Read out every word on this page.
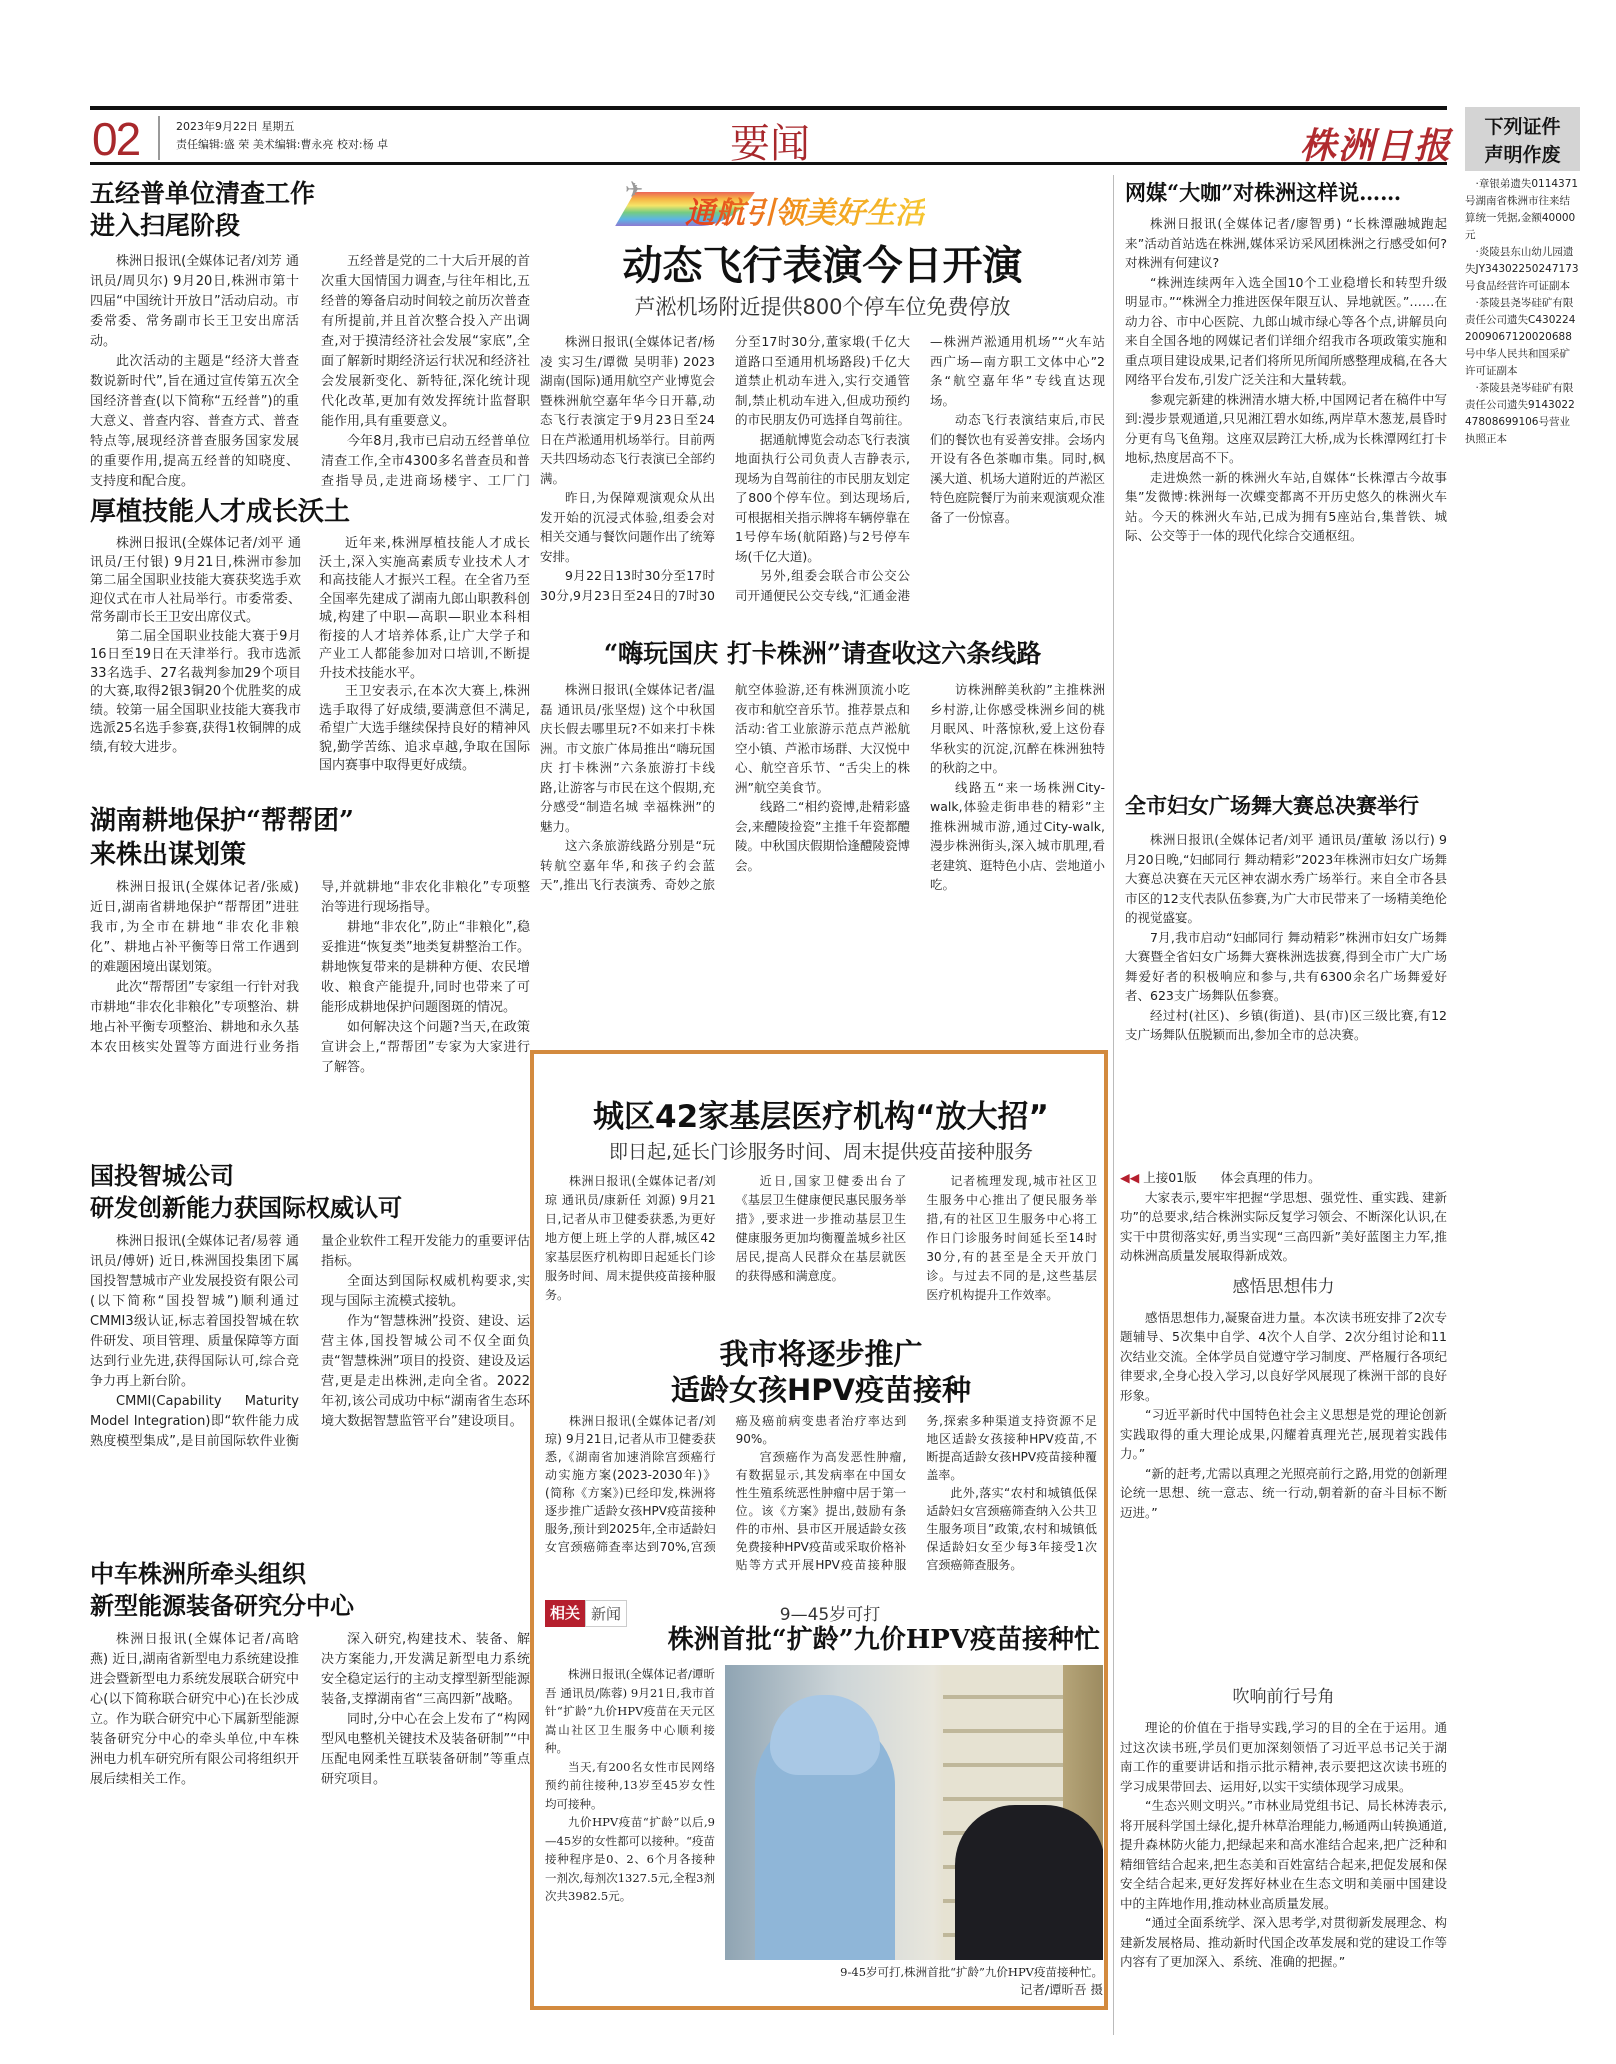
02	2023年9月22日 星期五
责任编辑:盛 荣 美术编辑:曹永亮 校对:杨 卓	要闻	株洲日报	下列证件
声明作废

·章银弟遗失0114371号湖南省株洲市往来结算统一凭据,金额40000元

·炎陵县东山幼儿园遗失JY34302250247173号食品经营许可证副本

·茶陵县尧岑硅矿有限责任公司遗失C4302242009067120020688号中华人民共和国采矿许可证副本

·茶陵县尧岑硅矿有限责任公司遗失91430224780869910​6号营业执照正本

五经普单位清查工作
进入扫尾阶段

株洲日报讯(全媒体记者/刘芳 通讯员/周贝尔) 9月20日,株洲市第十四届“中国统计开放日”活动启动。市委常委、常务副市长王卫安出席活动。

此次活动的主题是“经济大普查 数说新时代”,旨在通过宣传第五次全国经济普查(以下简称“五经普”)的重大意义、普查内容、普查方式、普查特点等,展现经济普查服务国家发展的重要作用,提高五经普的知晓度、支持度和配合度。

五经普是党的二十大后开展的首次重大国情国力调查,与往年相比,五经普的筹备启动时间较之前历次普查有所提前,并且首次整合投入产出调查,对于摸清经济社会发展“家底”,全面了解新时期经济运行状况和经济社会发展新变化、新特征,深化统计现代化改革,更加有效发挥统计监督职能作用,具有重要意义。

今年8月,我市已启动五经普单位清查工作,全市4300多名普查员和普查指导员,走进商场楼宇、工厂门

厚植技能人才成长沃土

株洲日报讯(全媒体记者/刘平 通讯员/王付银) 9月21日,株洲市参加第二届全国职业技能大赛获奖选手欢迎仪式在市人社局举行。市委常委、常务副市长王卫安出席仪式。

第二届全国职业技能大赛于9月16日至19日在天津举行。我市选派33名选手、27名裁判参加29个项目的大赛,取得2银3铜20个优胜奖的成绩。较第一届全国职业技能大赛我市选派25名选手参赛,获得1枚铜牌的成绩,有较大进步。

近年来,株洲厚植技能人才成长沃土,深入实施高素质专业技术人才和高技能人才振兴工程。在全省乃至全国率先建成了湖南九郎山职教科创城,构建了中职—高职—职业本科相衔接的人才培养体系,让广大学子和产业工人都能参加对口培训,不断提升技术技能水平。

王卫安表示,在本次大赛上,株洲选手取得了好成绩,要满意但不满足,希望广大选手继续保持良好的精神风貌,勤学苦练、追求卓越,争取在国际国内赛事中取得更好成绩。

湖南耕地保护“帮帮团”
来株出谋划策

株洲日报讯(全媒体记者/张威) 近日,湖南省耕地保护“帮帮团”进驻我市,为全市在耕地“非农化非粮化”、耕地占补平衡等日常工作遇到的难题困境出谋划策。

此次“帮帮团”专家组一行针对我市耕地“非农化非粮化”专项整治、耕地占补平衡专项整治、耕地和永久基本农田核实处置等方面进行业务指导,并就耕地“非农化非粮化”专项整治等进行现场指导。

耕地“非农化”,防止“非粮化”,稳妥推进“恢复类”地类复耕整治工作。耕地恢复带来的是耕种方便、农民增收、粮食产能提升,同时也带来了可能形成耕地保护问题图斑的情况。

如何解决这个问题?当天,在政策宣讲会上,“帮帮团”专家为大家进行了解答。

国投智城公司
研发创新能力获国际权威认可

株洲日报讯(全媒体记者/易蓉 通讯员/傅妍) 近日,株洲国投集团下属国投智慧城市产业发展投资有限公司(以下简称“国投智城”)顺利通过CMMI3级认证,标志着国投智城在软件研发、项目管理、质量保障等方面达到行业先进,获得国际认可,综合竞争力再上新台阶。

CMMI(Capability Maturity Model Integration)即“软件能力成熟度模型集成”,是目前国际软件业衡量企业软件工程开发能力的重要评估指标。

全面达到国际权威机构要求,实现与国际主流模式接轨。

作为“智慧株洲”投资、建设、运营主体,国投智城公司不仅全面负责“智慧株洲”项目的投资、建设及运营,更是走出株洲,走向全省。2022年初,该公司成功中标“湖南省生态环境大数据智慧监管平台”建设项目。

中车株洲所牵头组织
新型能源装备研究分中心

株洲日报讯(全媒体记者/高晗燕) 近日,湖南省新型电力系统建设推进会暨新型电力系统发展联合研究中心(以下简称联合研究中心)在长沙成立。作为联合研究中心下属新型能源装备研究分中心的牵头单位,中车株洲电力机车研究所有限公司将组织开展后续相关工作。

深入研究,构建技术、装备、解决方案能力,开发满足新型电力系统安全稳定运行的主动支撑型新型能源装备,支撑湖南省“三高四新”战略。

同时,分中心在会上发布了“构网型风电整机关键技术及装备研制”“中压配电网柔性互联装备研制”等重点研究项目。

✈
通航引领美好生活
动态飞行表演今日开演
芦淞机场附近提供800个停车位免费停放

株洲日报讯(全媒体记者/杨凌 实习生/谭微 吴明菲) 2023湖南(国际)通用航空产业博览会暨株洲航空嘉年华今日开幕,动态飞行表演定于9月23日至24日在芦淞通用机场举行。目前两天共四场动态飞行表演已全部约满。

昨日,为保障观演观众从出发开始的沉浸式体验,组委会对相关交通与餐饮问题作出了统筹安排。

9月22日13时30分至17时30分,9月23日至24日的7时30分至17时30分,董家塅(千亿大道路口至通用机场路段)千亿大道禁止机动车进入,实行交通管制,禁止机动车进入,但成功预约的市民朋友仍可选择自驾前往。

据通航博览会动态飞行表演地面执行公司负责人吉静表示,现场为自驾前往的市民朋友划定了800个停车位。到达现场后,可根据相关指示牌将车辆停靠在1号停车场(航陌路)与2号停车场(千亿大道)。

另外,组委会联合市公交公司开通便民公交专线,“汇通金港—株洲芦淞通用机场”“火车站西广场—南方职工文体中心”2条“航空嘉年华”专线直达现场。

动态飞行表演结束后,市民们的餐饮也有妥善安排。会场内开设有各色茶咖市集。同时,枫溪大道、机场大道附近的芦淞区特色庭院餐厅为前来观演观众准备了一份惊喜。

“嗨玩国庆 打卡株洲”请查收这六条线路

株洲日报讯(全媒体记者/温磊 通讯员/张坚煜) 这个中秋国庆长假去哪里玩?不如来打卡株洲。市文旅广体局推出“嗨玩国庆 打卡株洲”六条旅游打卡线路,让游客与市民在这个假期,充分感受“制造名城 幸福株洲”的魅力。

这六条旅游线路分别是“玩转航空嘉年华,和孩子约会蓝天”,推出飞行表演秀、奇妙之旅航空体验游,还有株洲顶流小吃夜市和航空音乐节。推荐景点和活动:省工业旅游示范点芦淞航空小镇、芦淞市场群、大汉悦中心、航空音乐节、“舌尖上的株洲”航空美食节。

线路二“相约瓷博,赴精彩盛会,来醴陵捡瓷”主推千年瓷都醴陵。中秋国庆假期恰逢醴陵瓷博会。

访株洲醉美秋韵”主推株洲乡村游,让你感受株洲乡间的桃月眠风、叶落惊秋,爱上这份春华秋实的沉淀,沉醉在株洲独特的秋韵之中。

线路五“来一场株洲City-walk,体验走街串巷的精彩”主推株洲城市游,通过City-walk,漫步株洲街头,深入城市肌理,看老建筑、逛特色小店、尝地道小吃。

城区42家基层医疗机构“放大招”
即日起,延长门诊服务时间、周末提供疫苗接种服务

株洲日报讯(全媒体记者/刘琼 通讯员/康新任 刘源) 9月21日,记者从市卫健委获悉,为更好地方便上班上学的人群,城区42家基层医疗机构即日起延长门诊服务时间、周末提供疫苗接种服务。

近日,国家卫健委出台了《基层卫生健康便民惠民服务举措》,要求进一步推动基层卫生健康服务更加均衡覆盖城乡社区居民,提高人民群众在基层就医的获得感和满意度。

记者梳理发现,城市社区卫生服务中心推出了便民服务举措,有的社区卫生服务中心将工作日门诊服务时间延长至14时30分,有的甚至是全天开放门诊。与过去不同的是,这些基层医疗机构提升工作效率。

我市将逐步推广
适龄女孩HPV疫苗接种

株洲日报讯(全媒体记者/刘琼) 9月21日,记者从市卫健委获悉,《湖南省加速消除宫颈癌行动实施方案(2023-2030年)》(简称《方案》)已经印发,株洲将逐步推广适龄女孩HPV疫苗接种服务,预计到2025年,全市适龄妇女宫颈癌筛查率达到70%,宫颈癌及癌前病变患者治疗率达到90%。

宫颈癌作为高发恶性肿瘤,有数据显示,其发病率在中国女性生殖系统恶性肿瘤中居于第一位。该《方案》提出,鼓励有条件的市州、县市区开展适龄女孩免费接种HPV疫苗或采取价格补贴等方式开展HPV疫苗接种服务,探索多种渠道支持资源不足地区适龄女孩接种HPV疫苗,不断提高适龄女孩HPV疫苗接种覆盖率。

此外,落实“农村和城镇低保适龄妇女宫颈癌筛查纳入公共卫生服务项目”政策,农村和城镇低保适龄妇女至少每3年接受1次宫颈癌筛查服务。

相关 新闻	9—45岁可打
株洲首批“扩龄”九价HPV疫苗接种忙

株洲日报讯(全媒体记者/谭昕吾 通讯员/陈蓉) 9月21日,我市首针“扩龄”九价HPV疫苗在天元区嵩山社区卫生服务中心顺利接种。

当天,有200名女性市民网络预约前往接种,13岁至45岁女性均可接种。

九价HPV疫苗“扩龄”以后,9—45岁的女性都可以接种。“疫苗接种程序是0、2、6个月各接种一剂次,每剂次1327.5元,全程3剂次共3982.5元。

9-45岁可打,株洲首批“扩龄”九价HPV疫苗接种忙。
记者/谭昕吾 摄
网媒“大咖”对株洲这样说……

株洲日报讯(全媒体记者/廖智勇) “长株潭融城跑起来”活动首站选在株洲,媒体采访采风团株洲之行感受如何?对株洲有何建议?

“株洲连续两年入选全国10个工业稳增长和转型升级明显市。”“株洲全力推进医保年限互认、异地就医。”……在动力谷、市中心医院、九郎山城市绿心等各个点,讲解员向来自全国各地的网媒记者们详细介绍我市各项政策实施和重点项目建设成果,记者们将所见所闻所感整理成稿,在各大网络平台发布,引发广泛关注和大量转载。

参观完新建的株洲清水塘大桥,中国网记者在稿件中写到:漫步景观通道,只见湘江碧水如练,两岸草木葱茏,晨昏时分更有鸟飞鱼翔。这座双层跨江大桥,成为长株潭网红打卡地标,热度居高不下。

走进焕然一新的株洲火车站,自媒体“长株潭古今故事集”发微博:株洲每一次蝶变都离不开历史悠久的株洲火车站。今天的株洲火车站,已成为拥有5座站台,集普铁、城际、公交等于一体的现代化综合交通枢纽。

全市妇女广场舞大赛总决赛举行

株洲日报讯(全媒体记者/刘平 通讯员/董敏 汤以行) 9月20日晚,“妇邮同行 舞动精彩”2023年株洲市妇女广场舞大赛总决赛在天元区神农湖水秀广场举行。来自全市各县市区的12支代表队伍参赛,为广大市民带来了一场精美绝伦的视觉盛宴。

7月,我市启动“妇邮同行 舞动精彩”株洲市妇女广场舞大赛暨全省妇女广场舞大赛株洲选拔赛,得到全市广大广场舞爱好者的积极响应和参与,共有6300余名广场舞爱好者、623支广场舞队伍参赛。

经过村(社区)、乡镇(街道)、县(市)区三级比赛,有12支广场舞队伍脱颖而出,参加全市的总决赛。

◀◀ 上接01版 体会真理的伟力。

大家表示,要牢牢把握“学思想、强党性、重实践、建新功”的总要求,结合株洲实际反复学习领会、不断深化认识,在实干中贯彻落实好,勇当实现“三高四新”美好蓝图主力军,推动株洲高质量发展取得新成效。

感悟思想伟力

感悟思想伟力,凝聚奋进力量。本次读书班安排了2次专题辅导、5次集中自学、4次个人自学、2次分组讨论和11次结业交流。全体学员自觉遵守学习制度、严格履行各项纪律要求,全身心投入学习,以良好学风展现了株洲干部的良好形象。

“习近平新时代中国特色社会主义思想是党的理论创新实践取得的重大理论成果,闪耀着真理光芒,展现着实践伟力。”

“新的赶考,尤需以真理之光照亮前行之路,用党的创新理论统一思想、统一意志、统一行动,朝着新的奋斗目标不断迈进。”

吹响前行号角

理论的价值在于指导实践,学习的目的全在于运用。通过这次读书班,学员们更加深刻领悟了习近平总书记关于湖南工作的重要讲话和指示批示精神,表示要把这次读书班的学习成果带回去、运用好,以实干实绩体现学习成果。

“生态兴则文明兴。”市林业局党组书记、局长林涛表示,将开展科学国土绿化,提升林草治理能力,畅通两山转换通道,提升森林防火能力,把绿起来和高水准结合起来,把广泛种和精细管结合起来,把生态美和百姓富结合起来,把促发展和保安全结合起来,更好发挥好林业在生态文明和美丽中国建设中的主阵地作用,推动林业高质量发展。

“通过全面系统学、深入思考学,对贯彻新发展理念、构建新发展格局、推动新时代国企改革发展和党的建设工作等内容有了更加深入、系统、准确的把握。”
